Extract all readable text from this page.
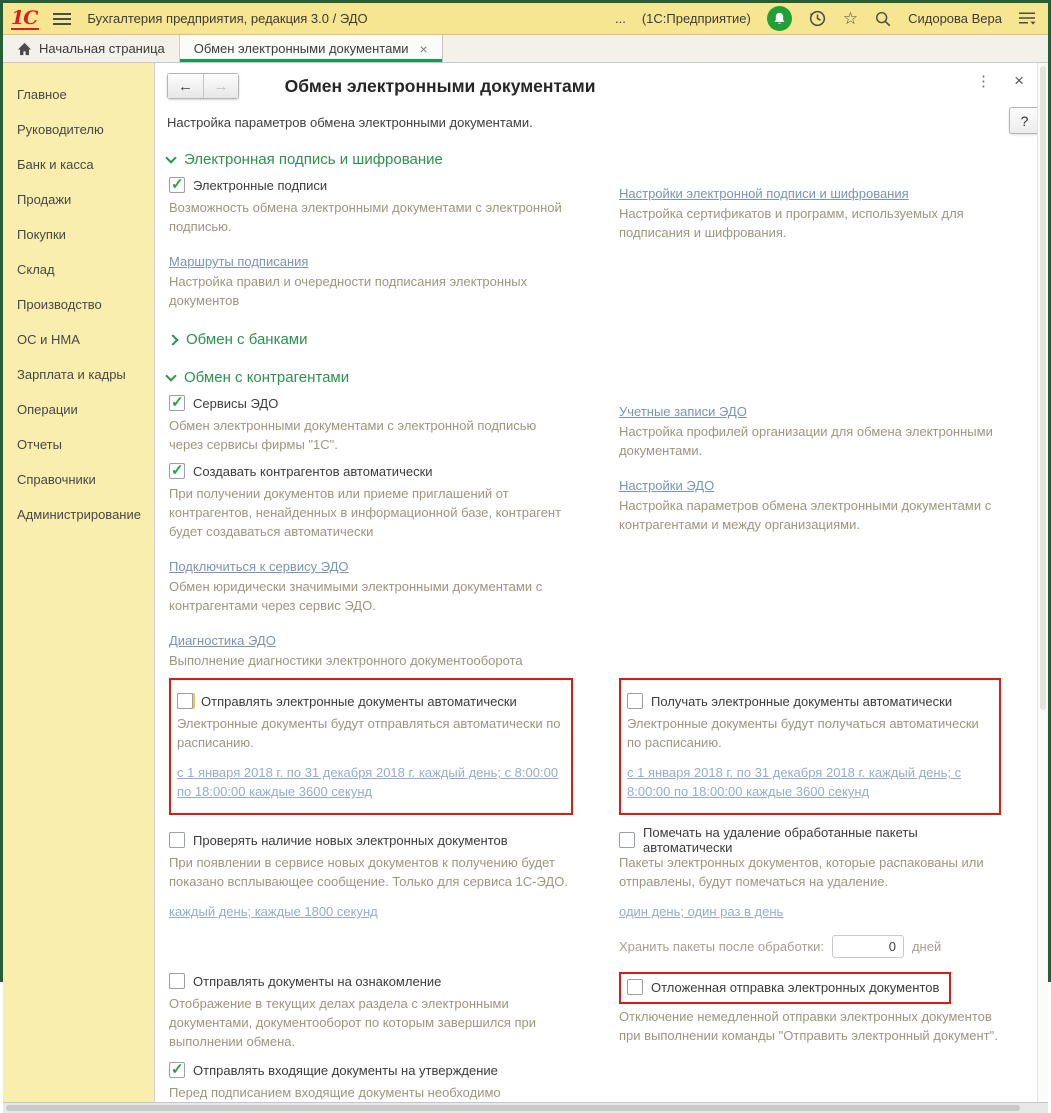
1С	Бухгалтерия предприятия, редакция 3.0 / ЭДО	... (1С:Предприятие)	☆	Сидорова Вера
Начальная страница Обмен электронными документами ×
Главное
Руководителю
Банк и касса
Продажи
Покупки
Склад
Производство
ОС и НМА
Зарплата и кадры
Операции
Отчеты
Справочники
Администрирование
←	→	Обмен электронными документами	⋮ ×
?
Настройка параметров обмена электронными документами.
Электронная подпись и шифрование
✓
Электронные подписи
Возможность обмена электронными документами с электронной подписью.
Маршруты подписания
Настройка правил и очередности подписания электронных документов
Настройки электронной подписи и шифрования
Настройка сертификатов и программ, используемых для подписания и шифрования.
Обмен с банками
Обмен с контрагентами
✓
Сервисы ЭДО
Обмен электронными документами с электронной подписью через сервисы фирмы "1С".
✓
Создавать контрагентов автоматически
При получении документов или приеме приглашений от контрагентов, ненайденных в информационной базе, контрагент будет создаваться автоматически
Подключиться к сервису ЭДО
Обмен юридически значимыми электронными документами с контрагентами через сервис ЭДО.
Диагностика ЭДО
Выполнение диагностики электронного документооборота
Учетные записи ЭДО
Настройка профилей организации для обмена электронными документами.
Настройки ЭДО
Настройка параметров обмена электронными документами с контрагентами и между организациями.
Отправлять электронные документы автоматически
Электронные документы будут отправляться автоматически по расписанию.
с 1 января 2018 г. по 31 декабря 2018 г. каждый день; с 8:00:00 по 18:00:00 каждые 3600 секунд
Получать электронные документы автоматически
Электронные документы будут получаться автоматически по расписанию.
с 1 января 2018 г. по 31 декабря 2018 г. каждый день; с 8:00:00 по 18:00:00 каждые 3600 секунд
Проверять наличие новых электронных документов
При появлении в сервисе новых документов к получению будет показано всплывающее сообщение. Только для сервиса 1С-ЭДО.
каждый день; каждые 1800 секунд
Помечать на удаление обработанные пакеты автоматически
Пакеты электронных документов, которые распакованы или отправлены, будут помечаться на удаление.
один день; один раз в день
Хранить пакеты после обработки:
0	дней
Отправлять документы на ознакомление
Отображение в текущих делах раздела с электронными документами, документооборот по которым завершился при выполнении обмена.
Отложенная отправка электронных документов
Отключение немедленной отправки электронных документов при выполнении команды "Отправить электронный документ".
✓
Отправлять входящие документы на утверждение
Перед подписанием входящие документы необходимо
